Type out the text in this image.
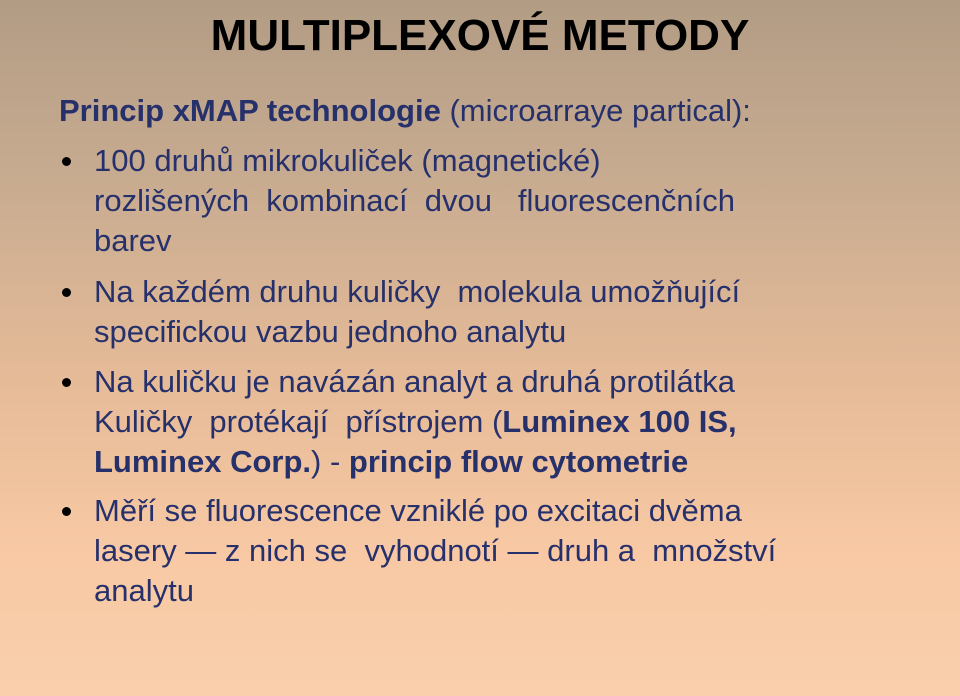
MULTIPLEXOVÉ METODY
Princip xMAP technologie (microarraye partical):
100 druhů mikrokuliček (magnetické)
rozlišených  kombinací  dvou   fluorescenčních
barev
Na každém druhu kuličky  molekula umožňující
specifickou vazbu jednoho analytu
Na kuličku je navázán analyt a druhá protilátka
Kuličky  protékají  přístrojem (Luminex 100 IS,
Luminex Corp.) - princip flow cytometrie
Měří se fluorescence vzniklé po excitaci dvěma
lasery — z nich se  vyhodnotí — druh a  množství
analytu
